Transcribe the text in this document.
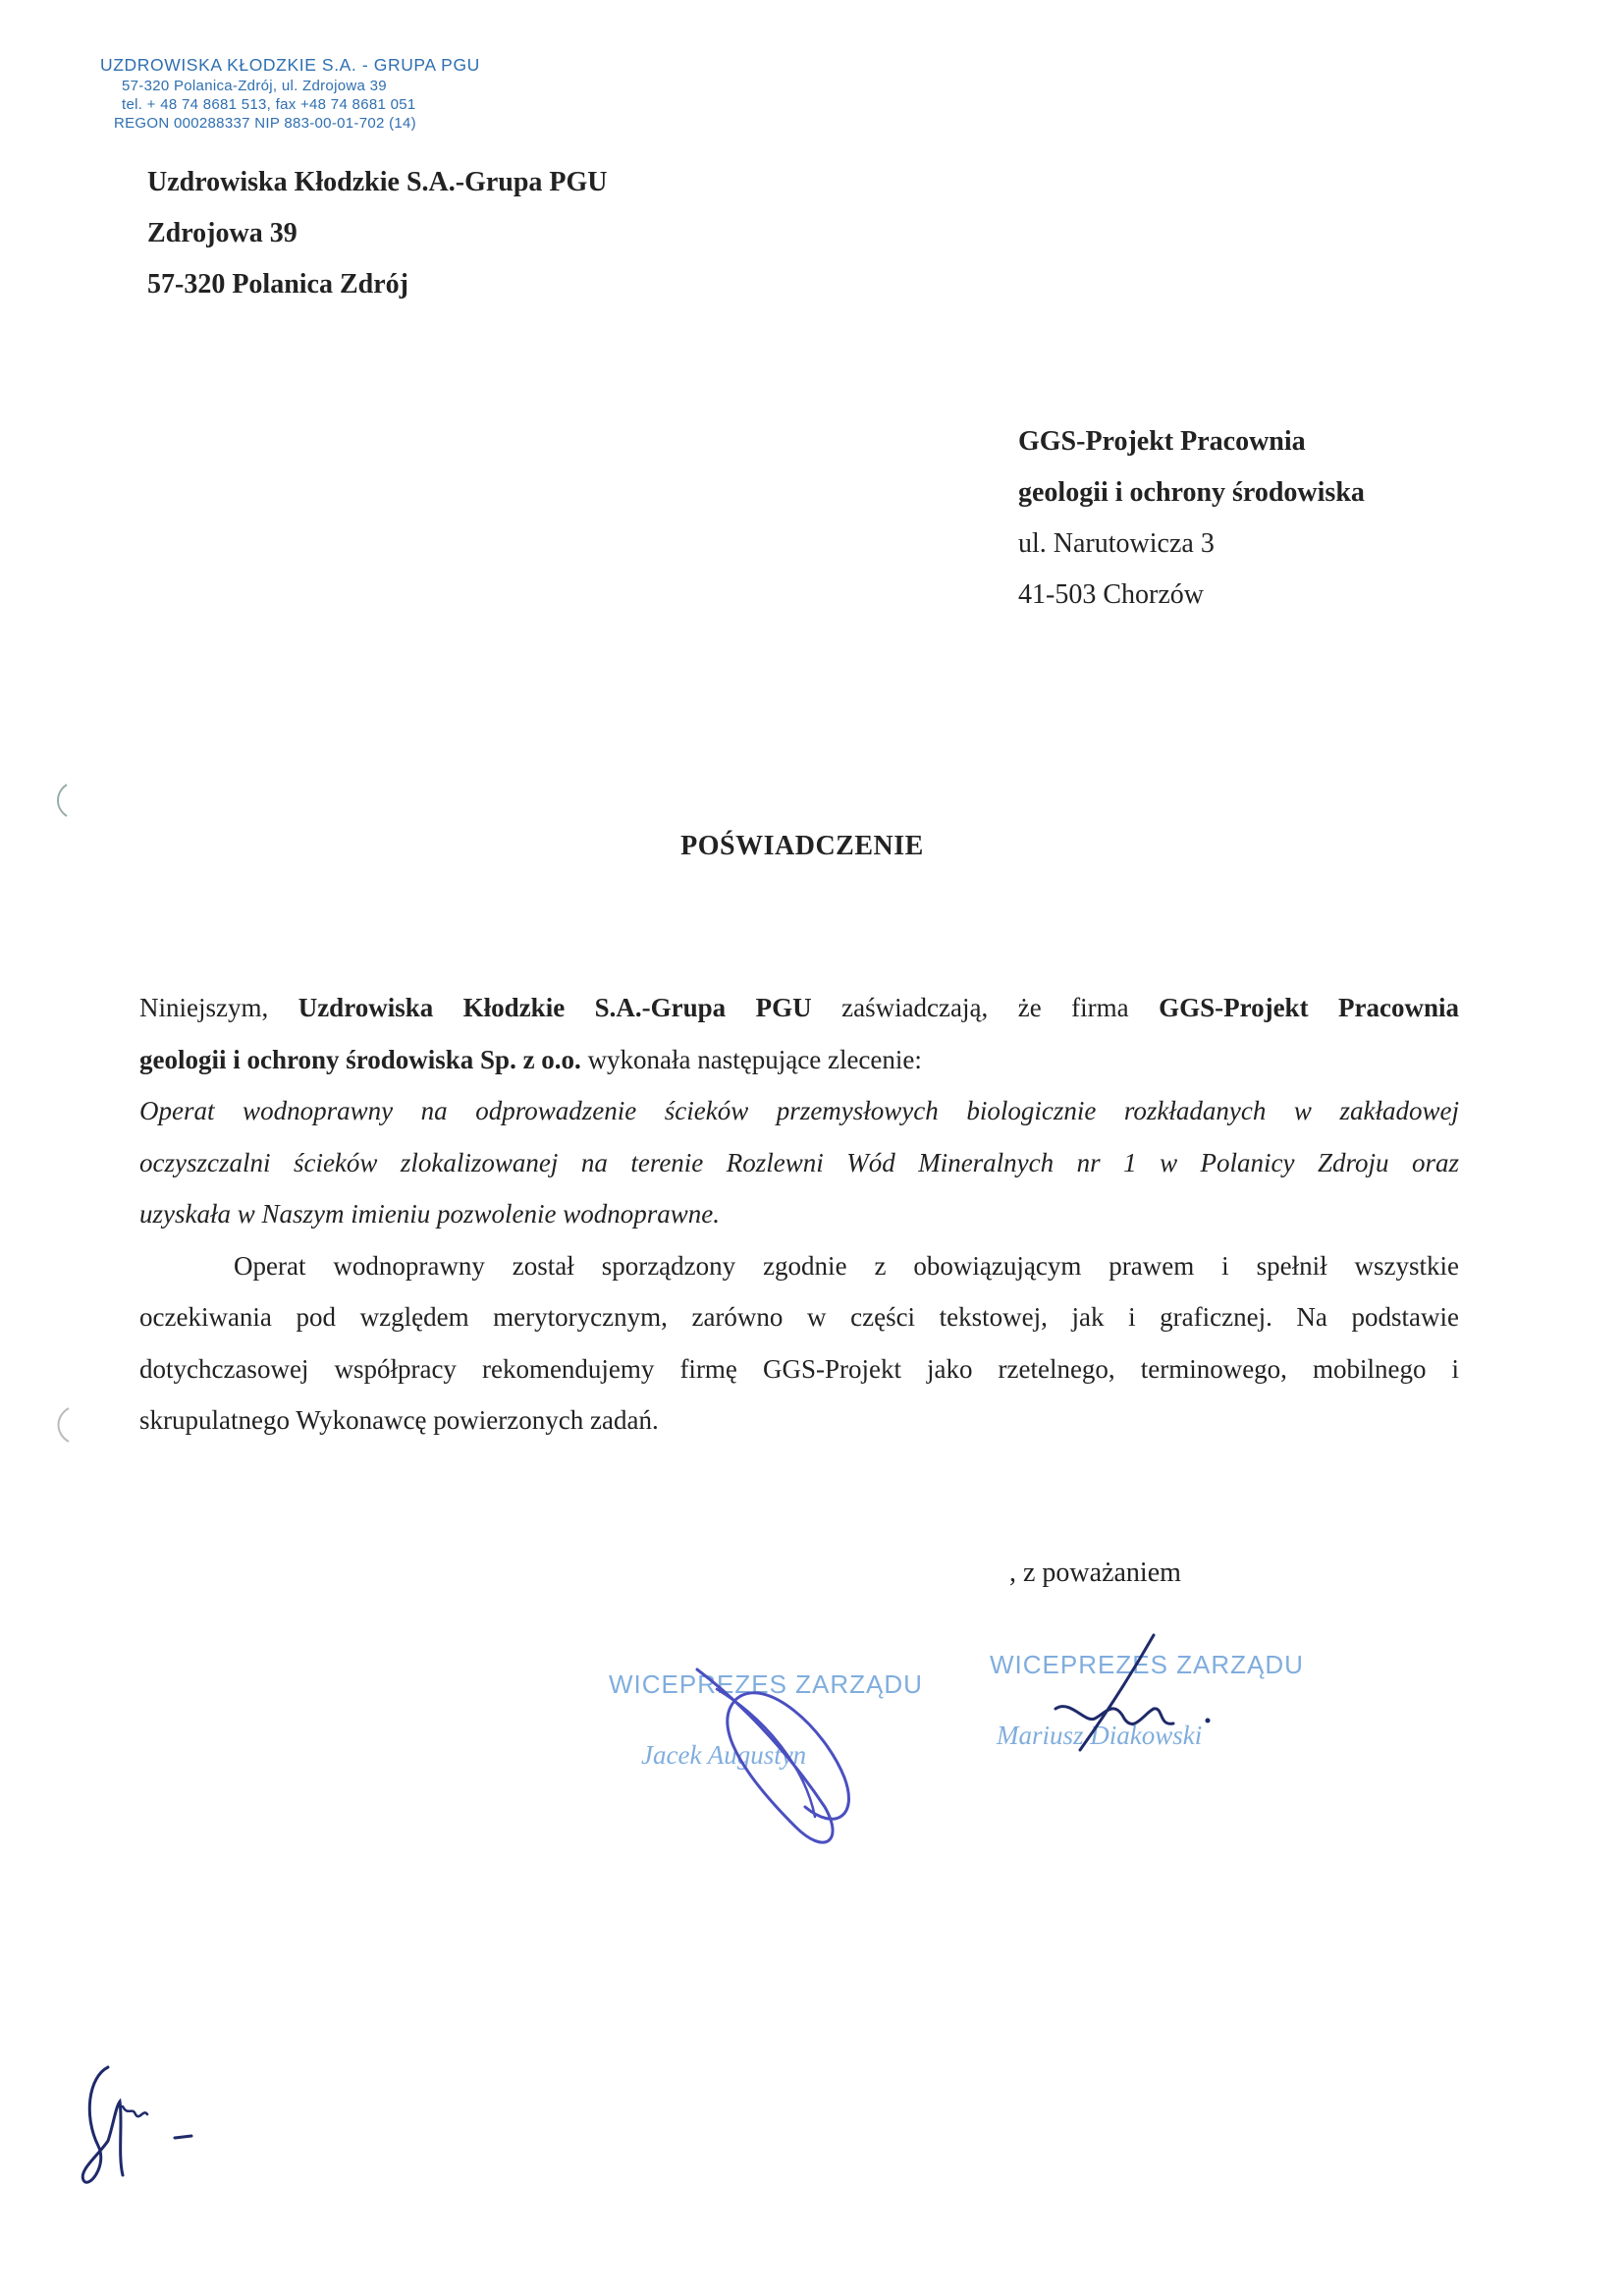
UZDROWISKA KŁODZKIE S.A. - GRUPA PGU
57-320 Polanica-Zdrój, ul. Zdrojowa 39
tel. + 48 74 8681 513, fax +48 74 8681 051
REGON 000288337 NIP 883-00-01-702 (14)
Uzdrowiska Kłodzkie S.A.-Grupa PGU
Zdrojowa 39
57-320 Polanica Zdrój
GGS-Projekt Pracownia
geologii i ochrony środowiska
ul. Narutowicza 3
41-503 Chorzów
POŚWIADCZENIE
Niniejszym, Uzdrowiska Kłodzkie S.A.-Grupa PGU zaświadczają, że firma GGS-Projekt Pracownia
geologii i ochrony środowiska Sp. z o.o. wykonała następujące zlecenie:
Operat wodnoprawny na odprowadzenie ścieków przemysłowych biologicznie rozkładanych w zakładowej
oczyszczalni ścieków zlokalizowanej na terenie Rozlewni Wód Mineralnych nr 1 w Polanicy Zdroju oraz
uzyskała w Naszym imieniu pozwolenie wodnoprawne.
Operat wodnoprawny został sporządzony zgodnie z obowiązującym prawem i spełnił wszystkie
oczekiwania pod względem merytorycznym, zarówno w części tekstowej, jak i graficznej. Na podstawie
dotychczasowej współpracy rekomendujemy firmę GGS-Projekt jako rzetelnego, terminowego, mobilnego i
skrupulatnego Wykonawcę powierzonych zadań.
, z poważaniem
WICEPREZES ZARZĄDU
Jacek Augustyn
WICEPREZES ZARZĄDU
Mariusz Diakowski
